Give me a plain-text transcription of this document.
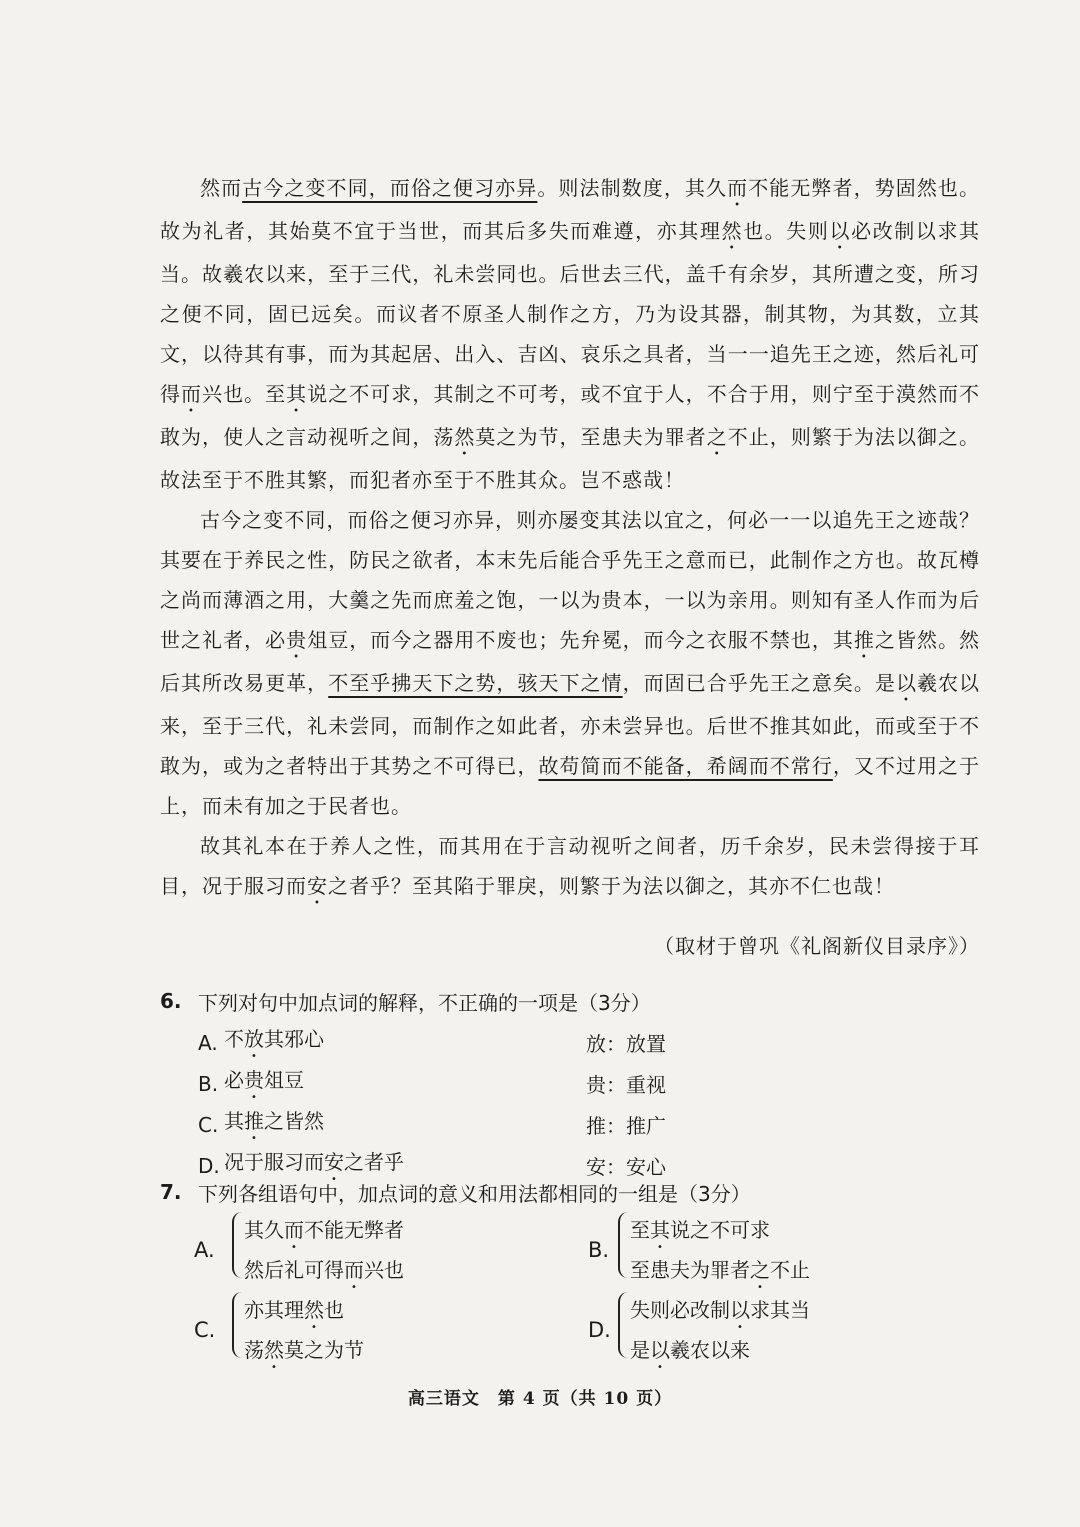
然而古今之变不同，而俗之便习亦异。则法制数度，其久而不能无弊者，势固然也。故为礼者，其始莫不宜于当世，而其后多失而难遵，亦其理然也。失则以必改制以求其当。故羲农以来，至于三代，礼未尝同也。后世去三代，盖千有余岁，其所遭之变，所习之便不同，固已远矣。而议者不原圣人制作之方，乃为设其器，制其物，为其数，立其文，以待其有事，而为其起居、出入、吉凶、哀乐之具者，当一一追先王之迹，然后礼可得而兴也。至其说之不可求，其制之不可考，或不宜于人，不合于用，则宁至于漠然而不敢为，使人之言动视听之间，荡然莫之为节，至患夫为罪者之不止，则繁于为法以御之。故法至于不胜其繁，而犯者亦至于不胜其众。岂不惑哉！

古今之变不同，而俗之便习亦异，则亦屡变其法以宜之，何必一一以追先王之迹哉？其要在于养民之性，防民之欲者，本末先后能合乎先王之意而已，此制作之方也。故瓦樽之尚而薄酒之用，大羹之先而庶羞之饱，一以为贵本，一以为亲用。则知有圣人作而为后世之礼者，必贵俎豆，而今之器用不废也；先弁冕，而今之衣服不禁也，其推之皆然。然后其所改易更革，不至乎拂天下之势，骇天下之情，而固已合乎先王之意矣。是以羲农以来，至于三代，礼未尝同，而制作之如此者，亦未尝异也。后世不推其如此，而或至于不敢为，或为之者特出于其势之不可得已，故苟简而不能备，希阔而不常行，又不过用之于上，而未有加之于民者也。

故其礼本在于养人之性，而其用在于言动视听之间者，历千余岁，民未尝得接于耳目，况于服习而安之者乎？至其陷于罪戾，则繁于为法以御之，其亦不仁也哉！

（取材于曾巩《礼阁新仪目录序》）
6. 下列对句中加点词的解释，不正确的一项是（3分）
A. 不放其邪心	放：放置
B. 必贵俎豆	贵：重视
C. 其推之皆然	推：推广
D. 况于服习而安之者乎	安：安心
7. 下列各组语句中，加点词的意义和用法都相同的一组是（3分）
A.
其久而不能无弊者
然后礼可得而兴也
B.
至其说之不可求
至患夫为罪者之不止
C.
亦其理然也
荡然莫之为节
D.
失则必改制以求其当
是以羲农以来
高三语文　第 4 页（共 10 页）
